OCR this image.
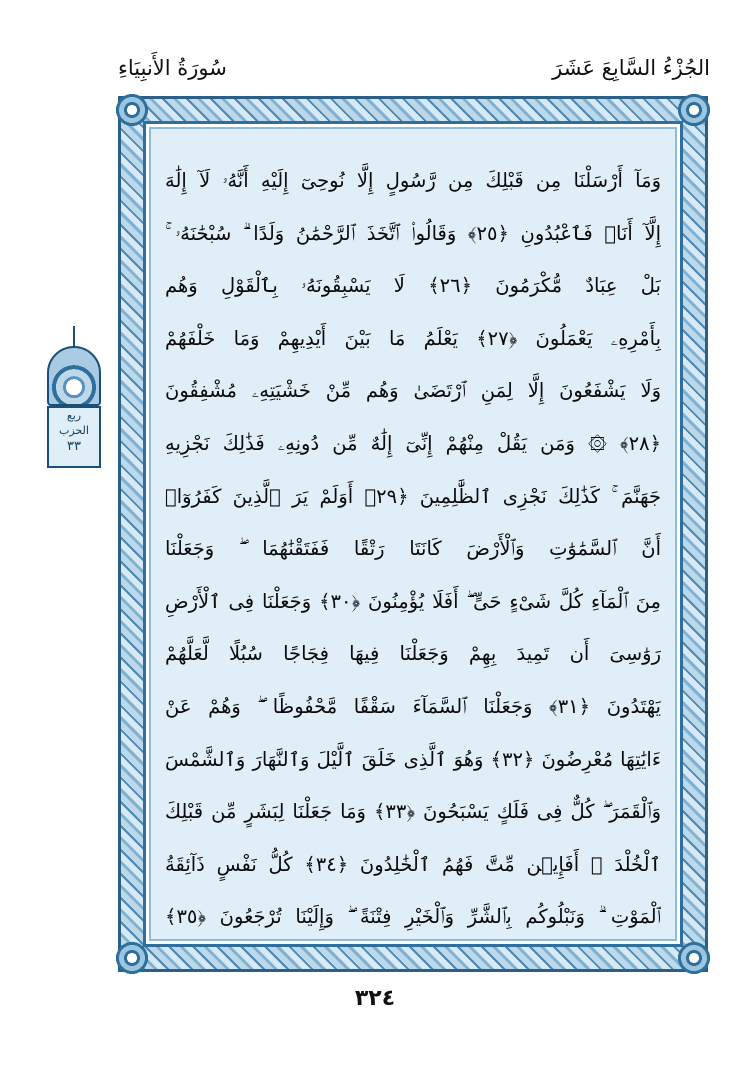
الجُزْءُ السَّابِعَ عَشَرَ
سُورَةُ الأَنبِيَاءِ
ربع
الحزب
٣٣
وَمَآ أَرْسَلْنَا مِن قَبْلِكَ مِن رَّسُولٍ إِلَّا نُوحِىٓ إِلَيْهِ أَنَّهُۥ لَآ إِلَٰهَ
إِلَّآ أَنَا۠ فَٱعْبُدُونِ ﴿٢٥﴾ وَقَالُوا۟ ٱتَّخَذَ ٱلرَّحْمَٰنُ وَلَدًا ۗ سُبْحَٰنَهُۥ ۚ
بَلْ عِبَادٌ مُّكْرَمُونَ ﴿٢٦﴾ لَا يَسْبِقُونَهُۥ بِٱلْقَوْلِ وَهُم
بِأَمْرِهِۦ يَعْمَلُونَ ﴿٢٧﴾ يَعْلَمُ مَا بَيْنَ أَيْدِيهِمْ وَمَا خَلْفَهُمْ
وَلَا يَشْفَعُونَ إِلَّا لِمَنِ ٱرْتَضَىٰ وَهُم مِّنْ خَشْيَتِهِۦ مُشْفِقُونَ
﴿٢٨﴾ ۞ وَمَن يَقُلْ مِنْهُمْ إِنِّىٓ إِلَٰهٌ مِّن دُونِهِۦ فَذَٰلِكَ نَجْزِيهِ
جَهَنَّمَ ۚ كَذَٰلِكَ نَجْزِى ٱلظَّٰلِمِينَ ﴿٢٩﴾ أَوَلَمْ يَرَ ٱلَّذِينَ كَفَرُوٓا۟
أَنَّ ٱلسَّمَٰوَٰتِ وَٱلْأَرْضَ كَانَتَا رَتْقًا فَفَتَقْنَٰهُمَا ۖ وَجَعَلْنَا
مِنَ ٱلْمَآءِ كُلَّ شَىْءٍ حَىٍّ ۖ أَفَلَا يُؤْمِنُونَ ﴿٣٠﴾ وَجَعَلْنَا فِى ٱلْأَرْضِ
رَوَٰسِىَ أَن تَمِيدَ بِهِمْ وَجَعَلْنَا فِيهَا فِجَاجًا سُبُلًا لَّعَلَّهُمْ
يَهْتَدُونَ ﴿٣١﴾ وَجَعَلْنَا ٱلسَّمَآءَ سَقْفًا مَّحْفُوظًا ۖ وَهُمْ عَنْ
ءَايَٰتِهَا مُعْرِضُونَ ﴿٣٢﴾ وَهُوَ ٱلَّذِى خَلَقَ ٱلَّيْلَ وَٱلنَّهَارَ وَٱلشَّمْسَ
وَٱلْقَمَرَ ۖ كُلٌّ فِى فَلَكٍ يَسْبَحُونَ ﴿٣٣﴾ وَمَا جَعَلْنَا لِبَشَرٍ مِّن قَبْلِكَ
ٱلْخُلْدَ ۖ أَفَإِي۟ن مِّتَّ فَهُمُ ٱلْخَٰلِدُونَ ﴿٣٤﴾ كُلُّ نَفْسٍ ذَآئِقَةُ
ٱلْمَوْتِ ۗ وَنَبْلُوكُم بِٱلشَّرِّ وَٱلْخَيْرِ فِتْنَةً ۖ وَإِلَيْنَا تُرْجَعُونَ ﴿٣٥﴾
٣٢٤
